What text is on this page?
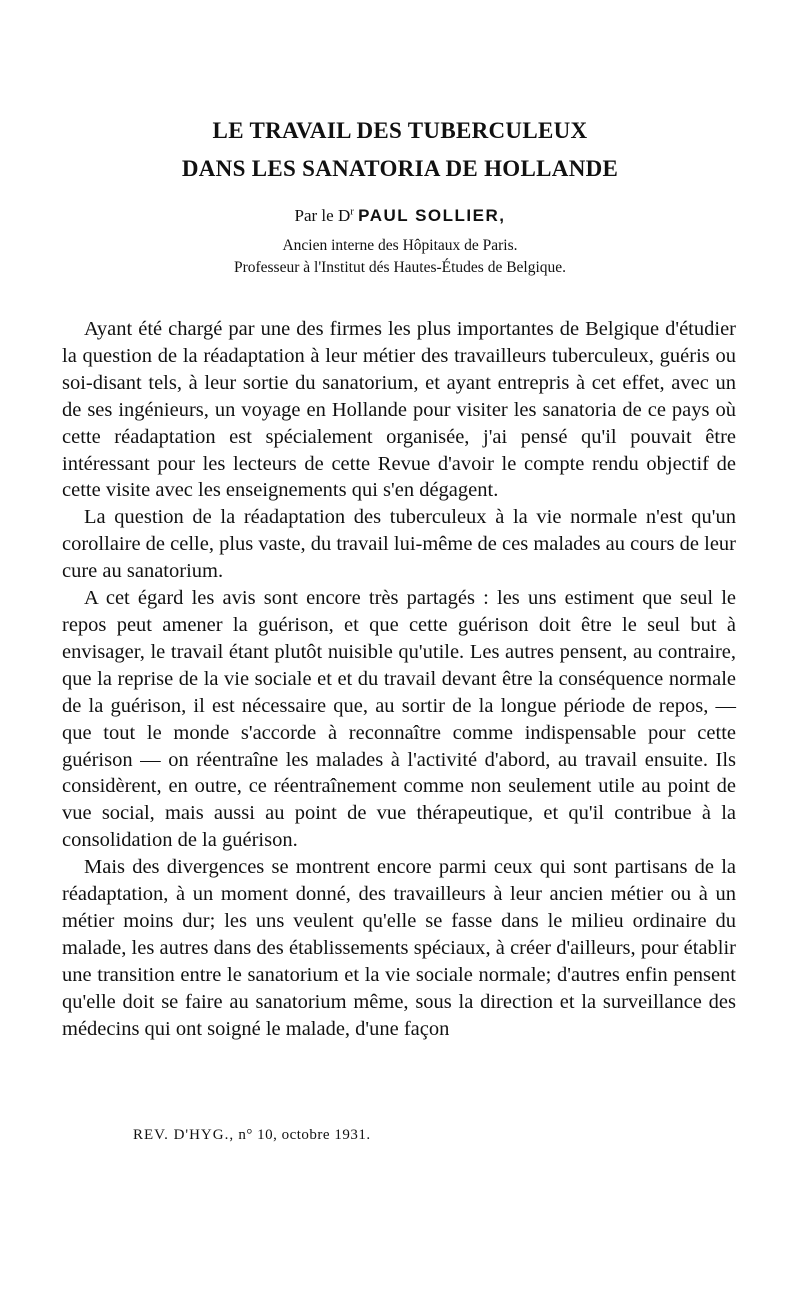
LE TRAVAIL DES TUBERCULEUX
DANS LES SANATORIA DE HOLLANDE
Par le $D^r$ PAUL SOLLIER,
Ancien interne des Hôpitaux de Paris.
Professeur à l'Institut dés Hautes-Études de Belgique.

Ayant été chargé par une des firmes les plus importantes de Belgique d'étudier la question de la réadaptation à leur métier des travailleurs tuberculeux, guéris ou soi-disant tels, à leur sortie du sanatorium, et ayant entrepris à cet effet, avec un de ses ingénieurs, un voyage en Hollande pour visiter les sanatoria de ce pays où cette réadaptation est spécialement organisée, j'ai pensé qu'il pouvait être intéressant pour les lecteurs de cette Revue d'avoir le compte rendu objectif de cette visite avec les enseignements qui s'en dégagent.

La question de la réadaptation des tuberculeux à la vie normale n'est qu'un corollaire de celle, plus vaste, du travail lui-même de ces malades au cours de leur cure au sanatorium.

A cet égard les avis sont encore très partagés : les uns estiment que seul le repos peut amener la guérison, et que cette guérison doit être le seul but à envisager, le travail étant plutôt nuisible qu'utile. Les autres pensent, au contraire, que la reprise de la vie sociale et et du travail devant être la conséquence normale de la guérison, il est nécessaire que, au sortir de la longue période de repos, — que tout le monde s'accorde à reconnaître comme indispensable pour cette guérison — on réentraîne les malades à l'activité d'abord, au travail ensuite. Ils considèrent, en outre, ce réentraînement comme non seulement utile au point de vue social, mais aussi au point de vue thérapeutique, et qu'il contribue à la consolidation de la guérison.

Mais des divergences se montrent encore parmi ceux qui sont partisans de la réadaptation, à un moment donné, des travailleurs à leur ancien métier ou à un métier moins dur; les uns veulent qu'elle se fasse dans le milieu ordinaire du malade, les autres dans des établissements spéciaux, à créer d'ailleurs, pour établir une transition entre le sanatorium et la vie sociale normale; d'autres enfin pensent qu'elle doit se faire au sanatorium même, sous la direction et la surveillance des médecins qui ont soigné le malade, d'une façon

REV. D'HYG., n° 10, octobre 1931.
